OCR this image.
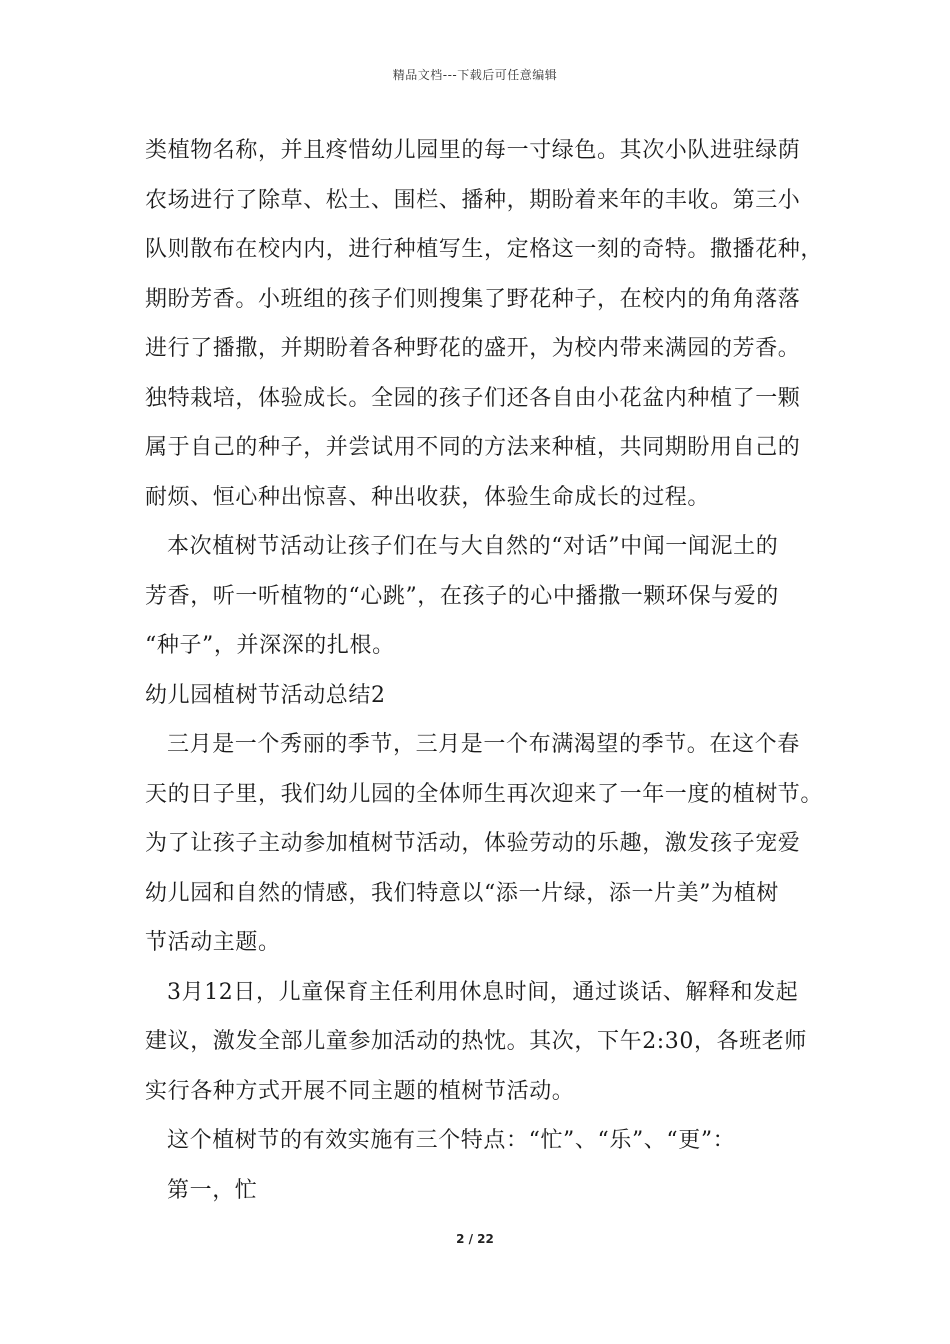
精品文档---下载后可任意编辑
类植物名称，并且疼惜幼儿园里的每一寸绿色。其次小队进驻绿荫
农场进行了除草、松土、围栏、播种，期盼着来年的丰收。第三小
队则散布在校内内，进行种植写生，定格这一刻的奇特。撒播花种，
期盼芳香。小班组的孩子们则搜集了野花种子，在校内的角角落落
进行了播撒，并期盼着各种野花的盛开，为校内带来满园的芳香。
独特栽培，体验成长。全园的孩子们还各自由小花盆内种植了一颗
属于自己的种子，并尝试用不同的方法来种植，共同期盼用自己的
耐烦、恒心种出惊喜、种出收获，体验生命成长的过程。
本次植树节活动让孩子们在与大自然的“对话”中闻一闻泥土的
芳香，听一听植物的“心跳”，在孩子的心中播撒一颗环保与爱的
“种子”，并深深的扎根。
幼儿园植树节活动总结2
三月是一个秀丽的季节，三月是一个布满渴望的季节。在这个春
天的日子里，我们幼儿园的全体师生再次迎来了一年一度的植树节。
为了让孩子主动参加植树节活动，体验劳动的乐趣，激发孩子宠爱
幼儿园和自然的情感，我们特意以“添一片绿，添一片美”为植树
节活动主题。
3月12日，儿童保育主任利用休息时间，通过谈话、解释和发起
建议，激发全部儿童参加活动的热忱。其次，下午2:30，各班老师
实行各种方式开展不同主题的植树节活动。
这个植树节的有效实施有三个特点：“忙”、“乐”、“更”：
第一，忙
2 / 22
